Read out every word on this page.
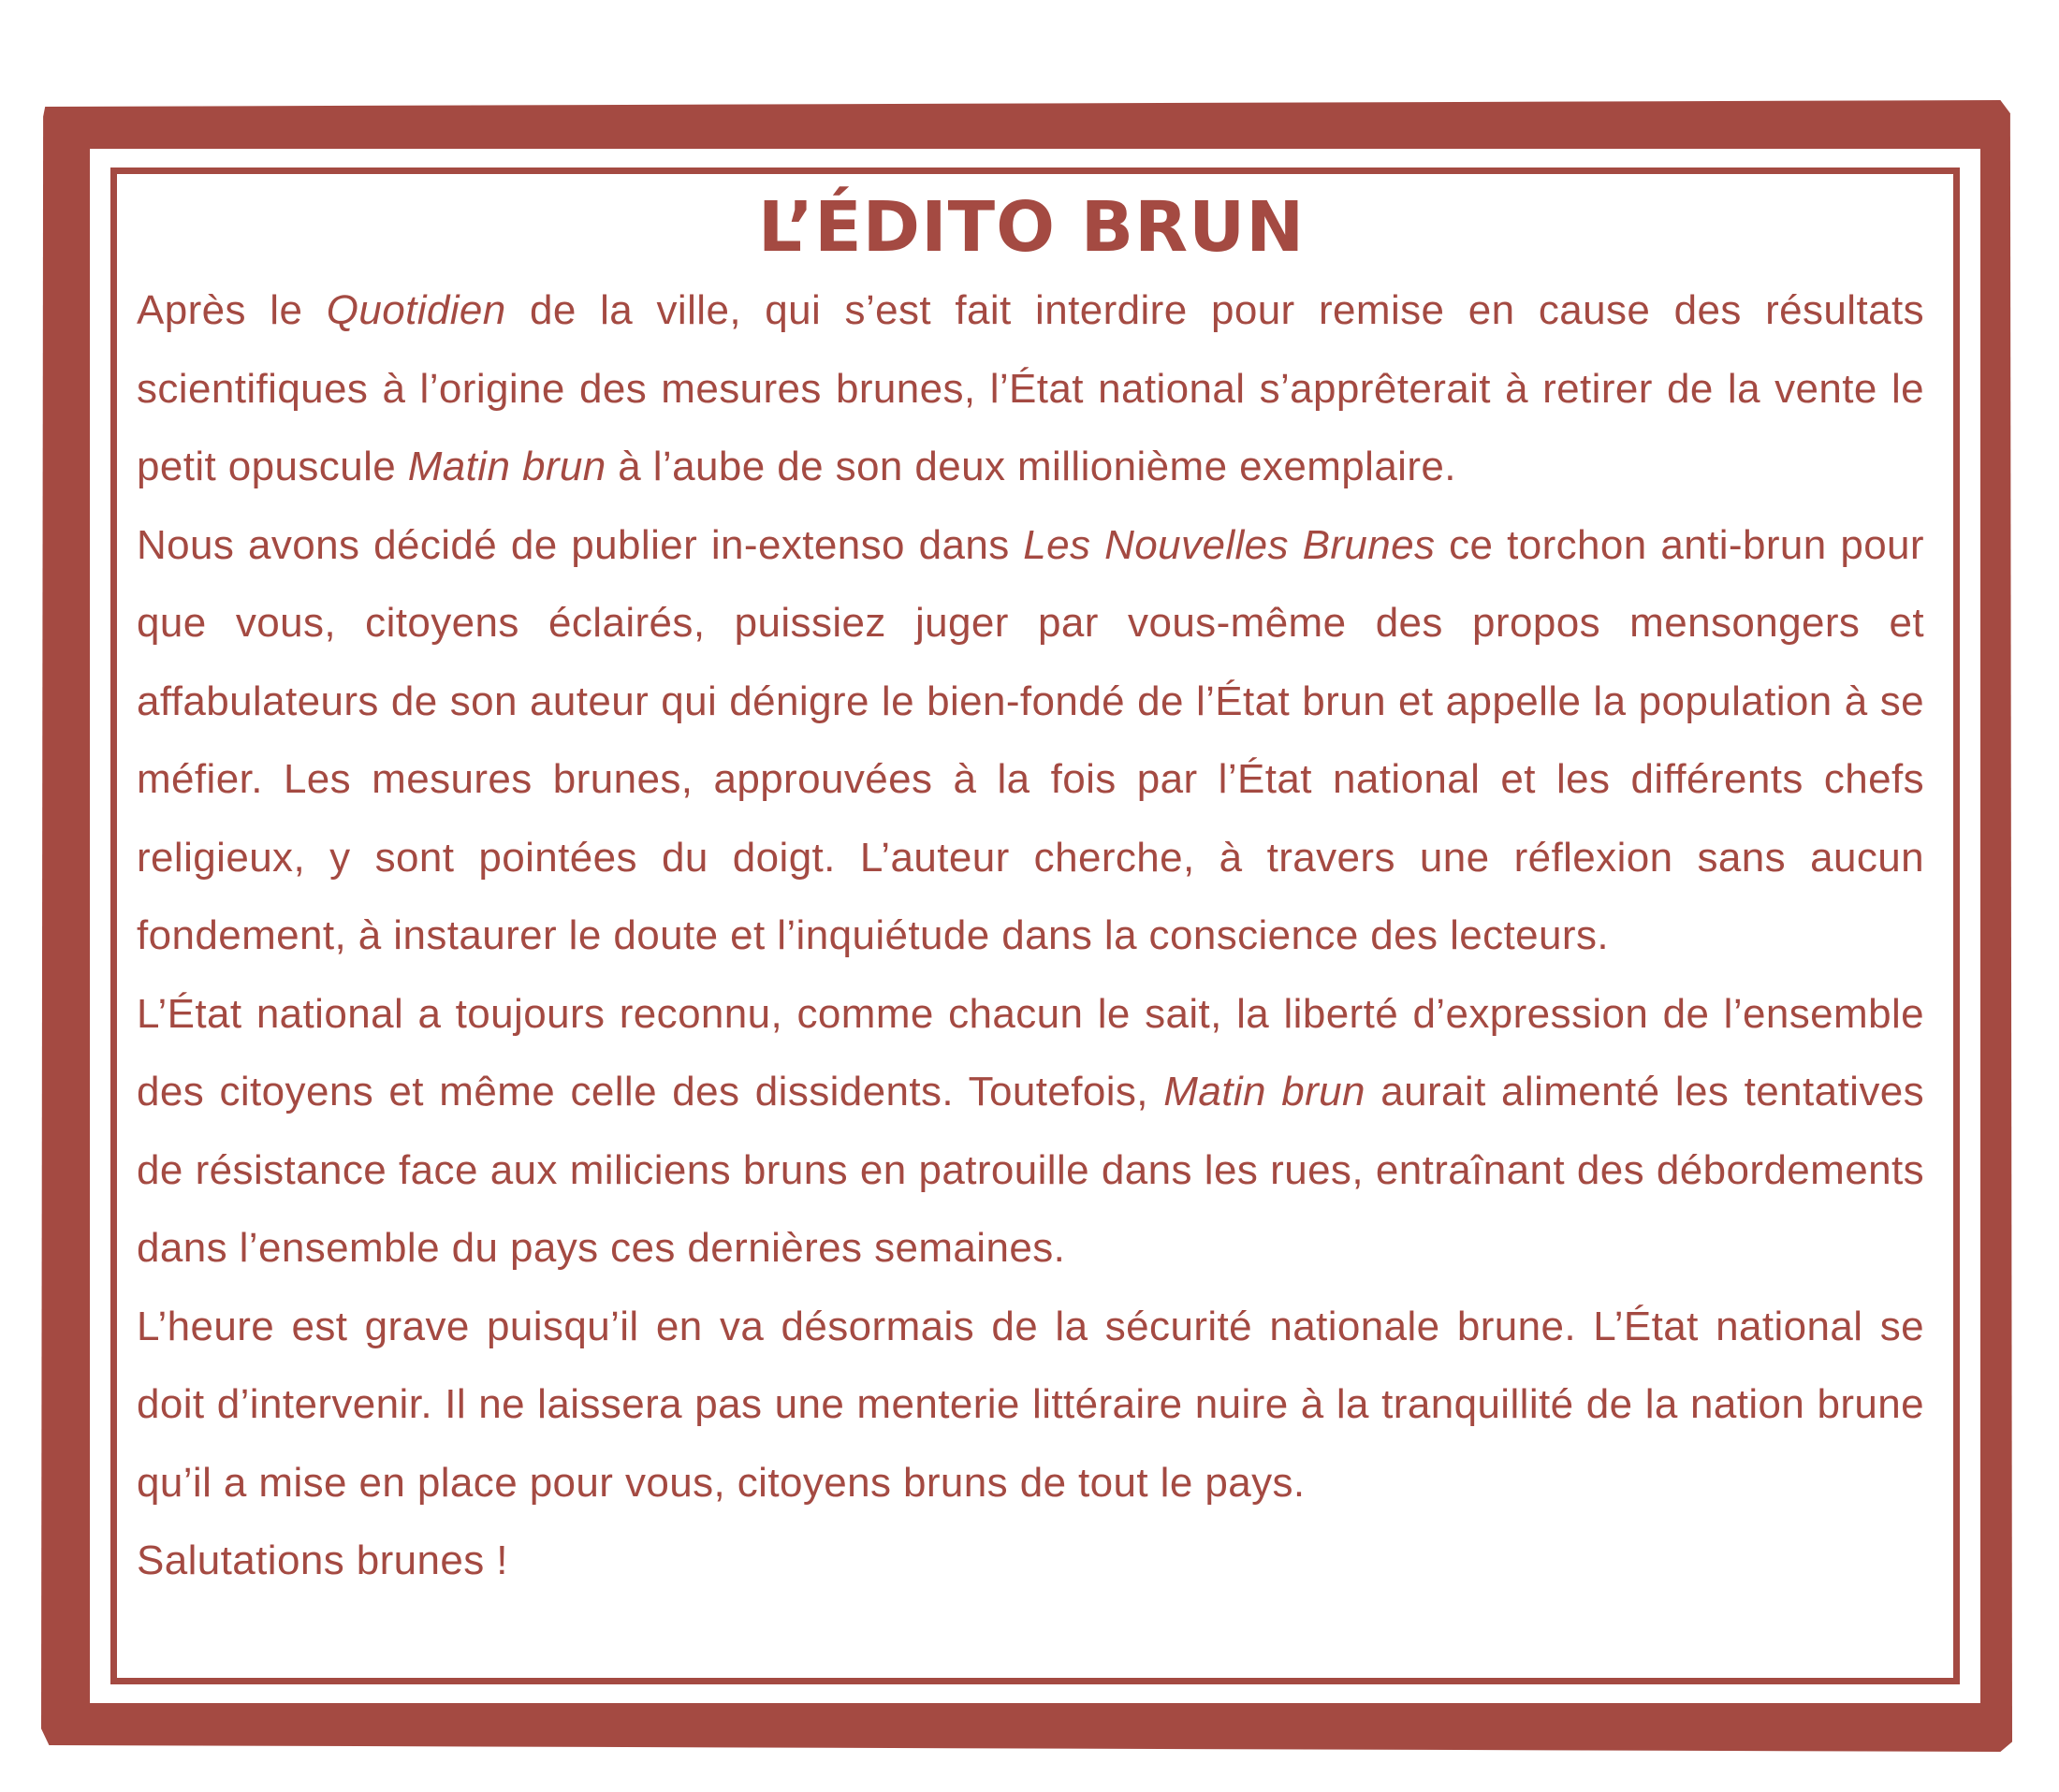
L’ÉDITO BRUN

Après le Quotidien de la ville, qui s’est fait interdire pour remise en cause des résultats scientifiques à l’origine des mesures brunes, l’État national s’apprêterait à retirer de la vente le petit opuscule Matin brun à l’aube de son deux millionième exemplaire.

Nous avons décidé de publier in-extenso dans Les Nouvelles Brunes ce torchon anti-brun pour que vous, citoyens éclairés, puissiez juger par vous-même des propos mensongers et affabulateurs de son auteur qui dénigre le bien-fondé de l’État brun et appelle la population à se méfier. Les mesures brunes, approuvées à la fois par l’État national et les différents chefs religieux, y sont pointées du doigt. L’auteur cherche, à travers une réflexion sans aucun fondement, à instaurer le doute et l’inquiétude dans la conscience des lecteurs.

L’État national a toujours reconnu, comme chacun le sait, la liberté d’expression de l’ensemble des citoyens et même celle des dissidents. Toutefois, Matin brun aurait alimenté les tentatives de résistance face aux miliciens bruns en patrouille dans les rues, entraînant des débordements dans l’ensemble du pays ces dernières semaines.

L’heure est grave puisqu’il en va désormais de la sécurité nationale brune. L’État national se doit d’intervenir. Il ne laissera pas une menterie littéraire nuire à la tranquillité de la nation brune qu’il a mise en place pour vous, citoyens bruns de tout le pays.

Salutations brunes !
